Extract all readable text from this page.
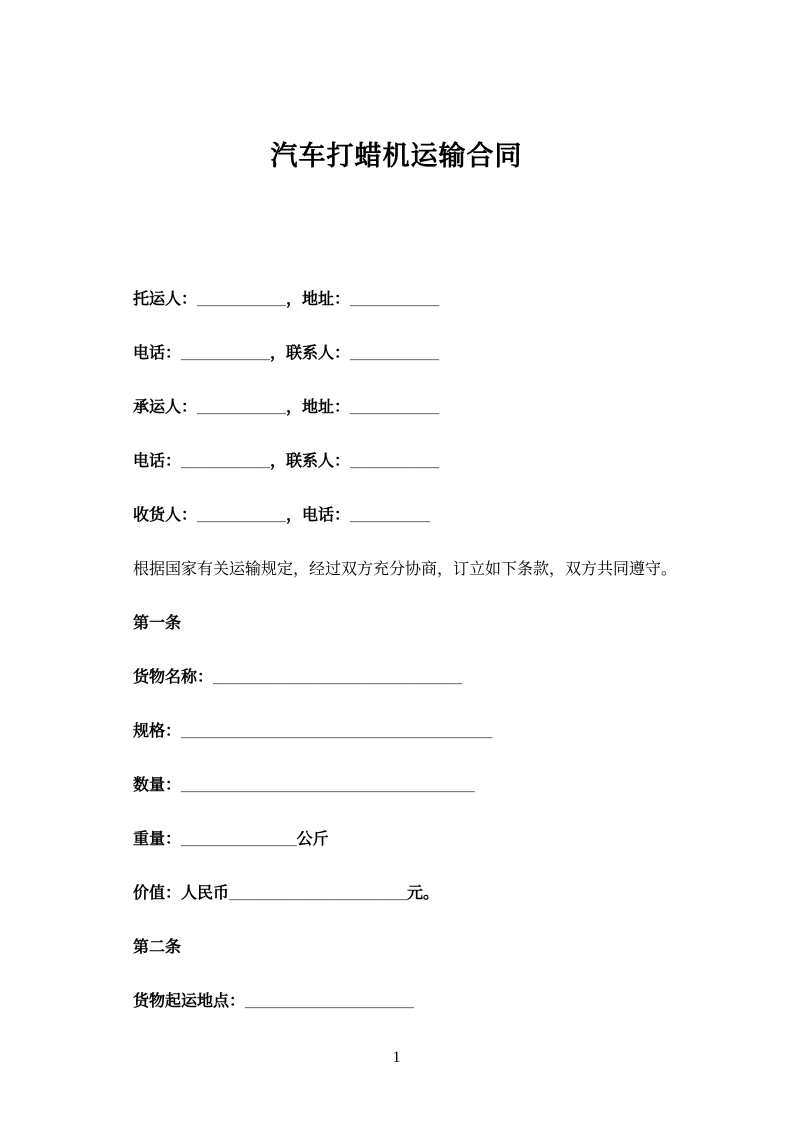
汽车打蜡机运输合同

托运人：__________，地址：__________

电话：__________，联系人：__________

承运人：__________，地址：__________

电话：__________，联系人：__________

收货人：__________，电话：_________

根据国家有关运输规定，经过双方充分协商，订立如下条款，双方共同遵守。

第一条

货物名称：____________________________

规格：___________________________________

数量：_________________________________

重量：_____________公斤

价值：人民币____________________元。

第二条

货物起运地点：___________________

1
